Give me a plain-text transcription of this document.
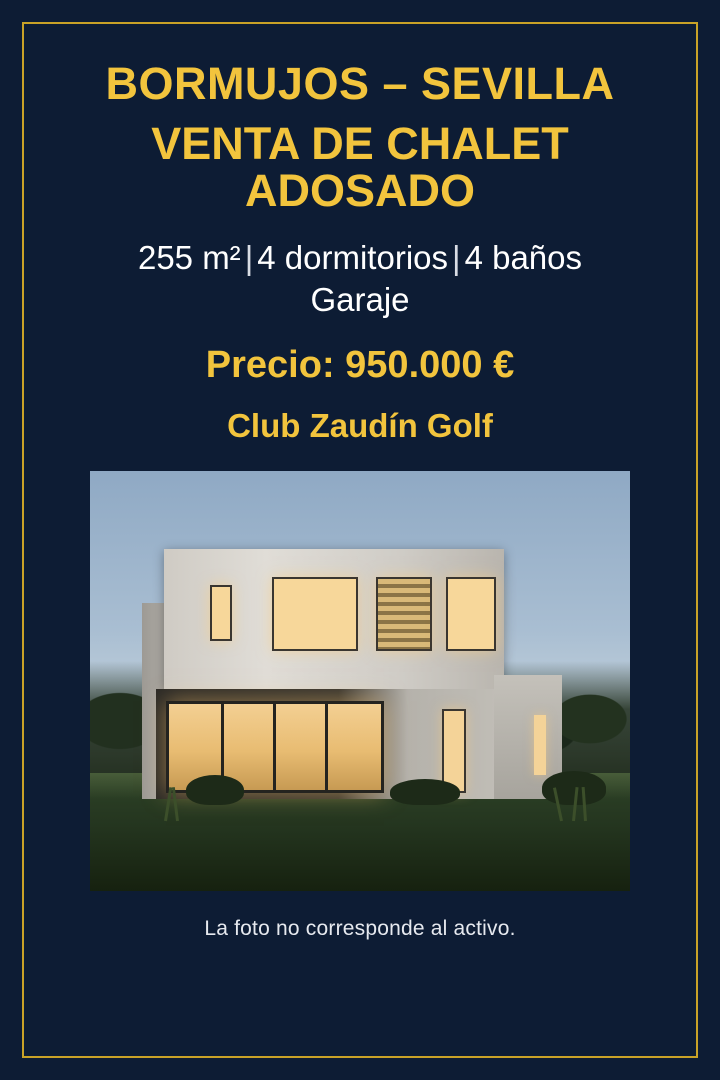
BORMUJOS – SEVILLA
VENTA DE CHALET
ADOSADO
255 m² | 4 dormitorios | 4 baños
Garaje
Precio: 950.000 €
Club Zaudín Golf
La foto no corresponde al activo.
